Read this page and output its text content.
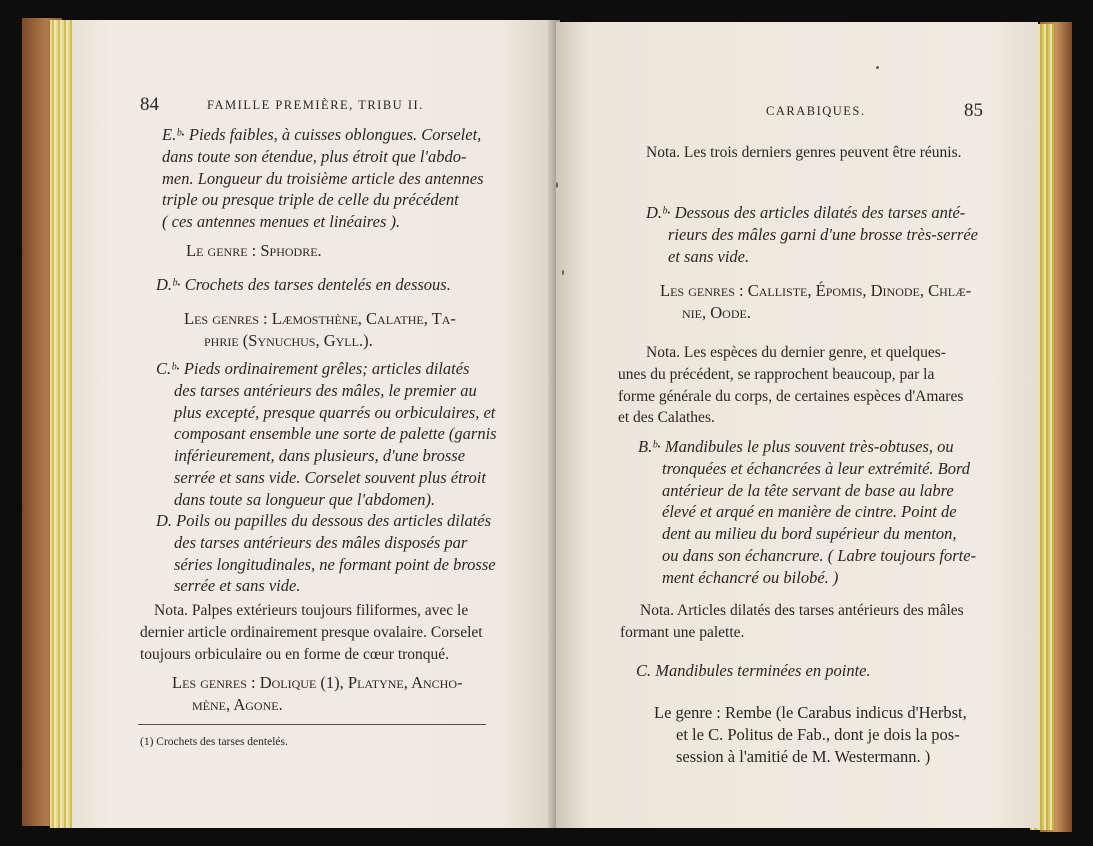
84	FAMILLE PREMIÈRE, TRIBU II.
E.ᵇ· Pieds faibles, à cuisses oblongues. Corselet,
dans toute son étendue, plus étroit que l'abdo-
men. Longueur du troisième article des antennes
triple ou presque triple de celle du précédent
( ces antennes menues et linéaires ).
Le genre : Sphodre.
D.ᵇ· Crochets des tarses dentelés en dessous.
Les genres : Læmosthène, Calathe, Ta-
phrie (Synuchus, Gyll.).
C.ᵇ· Pieds ordinairement grêles; articles dilatés
des tarses antérieurs des mâles, le premier au
plus excepté, presque quarrés ou orbiculaires, et
composant ensemble une sorte de palette (garnis
inférieurement, dans plusieurs, d'une brosse
serrée et sans vide. Corselet souvent plus étroit
dans toute sa longueur que l'abdomen).
D. Poils ou papilles du dessous des articles dilatés
des tarses antérieurs des mâles disposés par
séries longitudinales, ne formant point de brosse
serrée et sans vide.
Nota. Palpes extérieurs toujours filiformes, avec le
dernier article ordinairement presque ovalaire. Corselet
toujours orbiculaire ou en forme de cœur tronqué.
Les genres : Dolique (1), Platyne, Ancho-
mène, Agone.
(1) Crochets des tarses dentelés.
CARABIQUES.	85
Nota. Les trois derniers genres peuvent être réunis.
D.ᵇ· Dessous des articles dilatés des tarses anté-
rieurs des mâles garni d'une brosse très-serrée
et sans vide.
Les genres : Calliste, Épomis, Dinode, Chlæ-
nie, Oode.
Nota. Les espèces du dernier genre, et quelques-
unes du précédent, se rapprochent beaucoup, par la
forme générale du corps, de certaines espèces d'Amares
et des Calathes.
B.ᵇ· Mandibules le plus souvent très-obtuses, ou
tronquées et échancrées à leur extrémité. Bord
antérieur de la tête servant de base au labre
élevé et arqué en manière de cintre. Point de
dent au milieu du bord supérieur du menton,
ou dans son échancrure. ( Labre toujours forte-
ment échancré ou bilobé. )
Nota. Articles dilatés des tarses antérieurs des mâles
formant une palette.
C. Mandibules terminées en pointe.
Le genre : Rembe (le Carabus indicus d'Herbst,
et le C. Politus de Fab., dont je dois la pos-
session à l'amitié de M. Westermann. )
